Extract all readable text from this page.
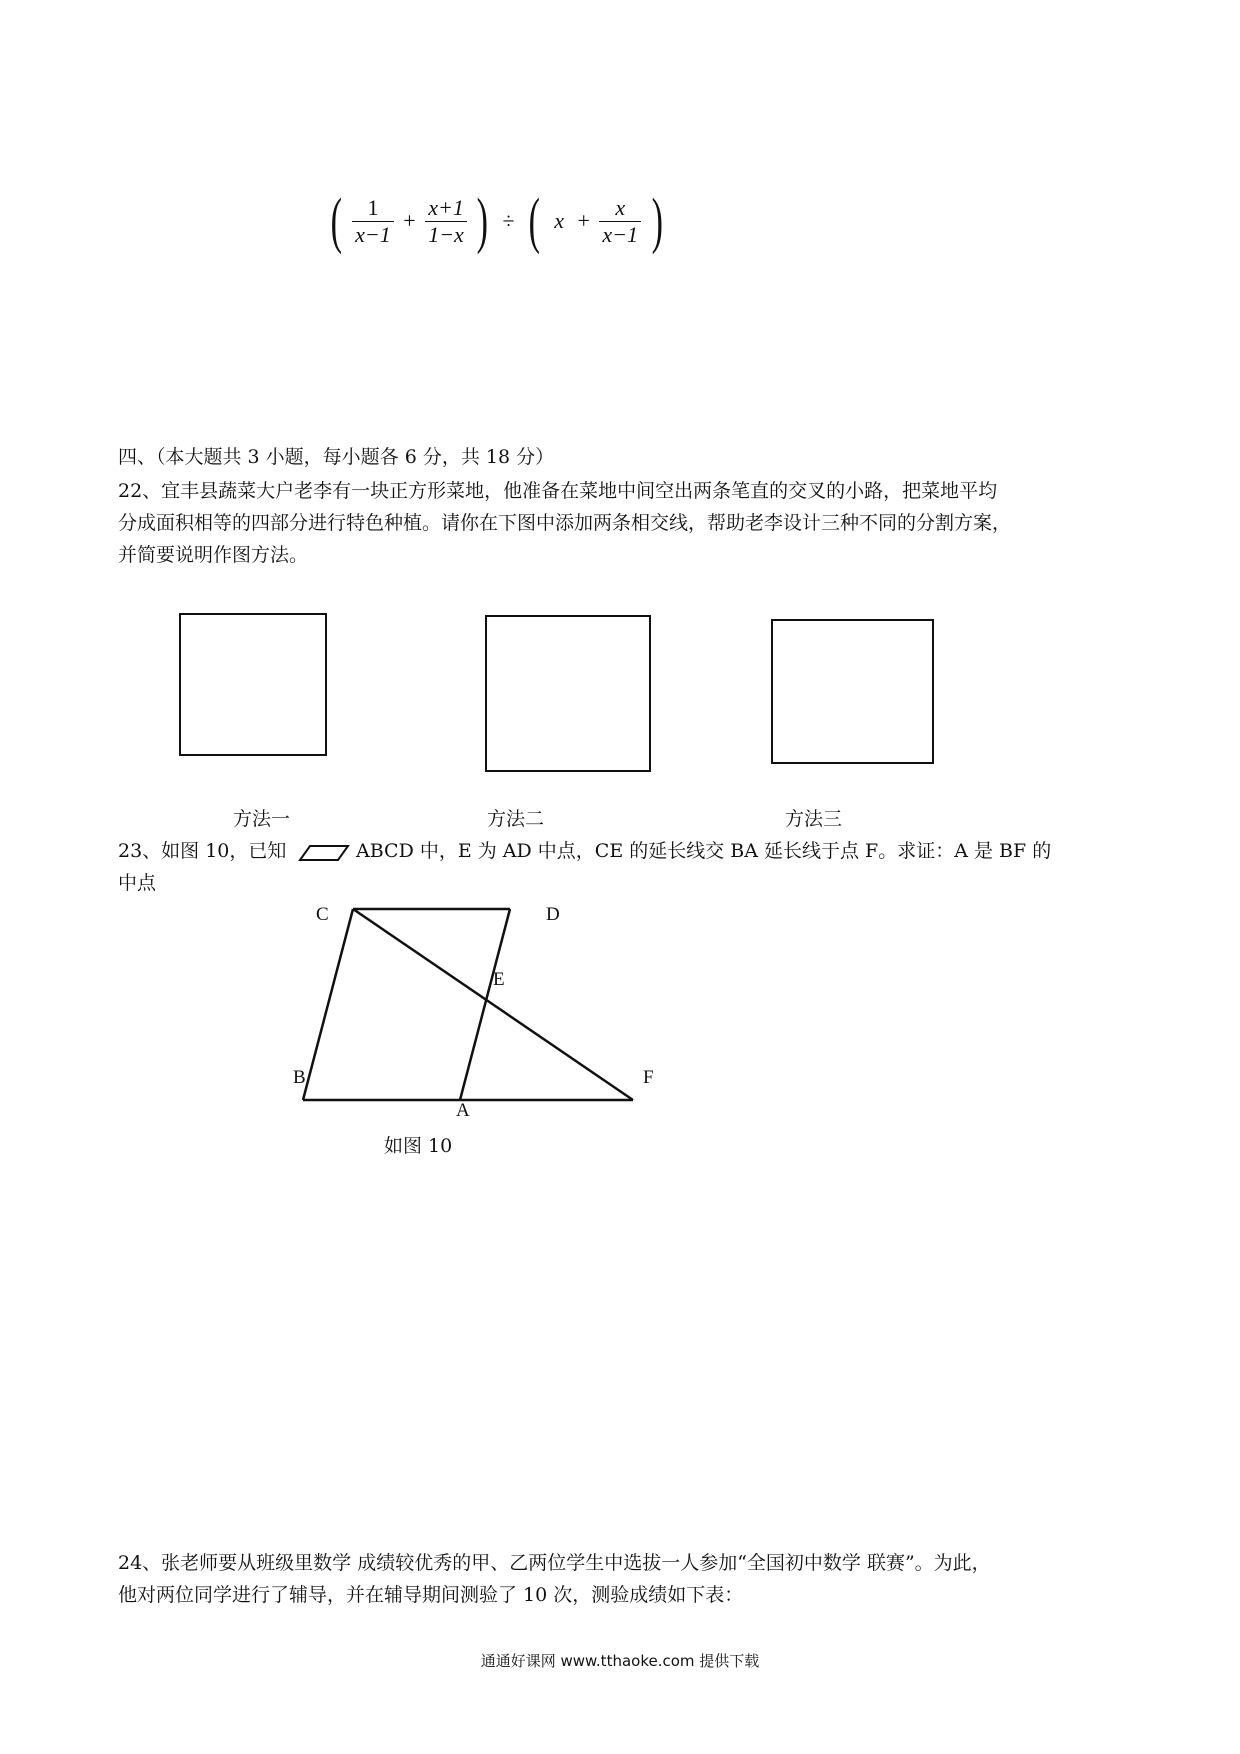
( $\frac{1}{x-1} + \frac{x+1}{1-x}$ ) ÷ ( $x + \frac{x}{x-1}$ )
四、（本大题共 3 小题，每小题各 6 分，共 18 分）
22、宜丰县蔬菜大户老李有一块正方形菜地，他准备在菜地中间空出两条笔直的交叉的小路，把菜地平均
分成面积相等的四部分进行特色种植。请你在下图中添加两条相交线，帮助老李设计三种不同的分割方案，
并简要说明作图方法。
方法一	方法二	方法三
23、如图 10，已知	ABCD 中，E 为 AD 中点，CE 的延长线交 BA 延长线于点 F。求证：A 是 BF 的
中点
C	D
E
B
A
F
如图 10
24、张老师要从班级里数学 成绩较优秀的甲、乙两位学生中选拔一人参加“全国初中数学 联赛”。为此，
他对两位同学进行了辅导，并在辅导期间测验了 10 次，测验成绩如下表：
通通好课网 www.tthaoke.com 提供下载
